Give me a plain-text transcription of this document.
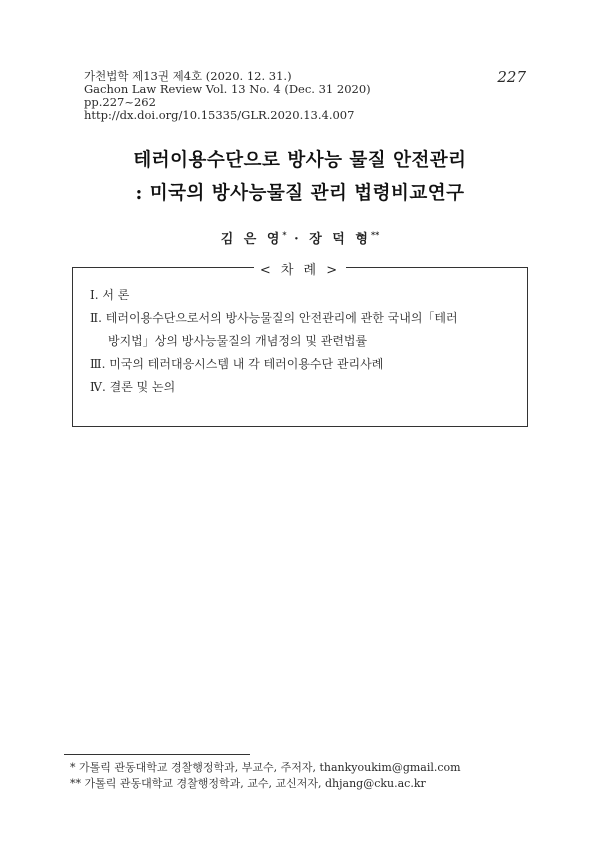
가천법학 제13권 제4호 (2020. 12. 31.)
Gachon Law Review Vol. 13 No. 4 (Dec. 31 2020)
pp.227~262
http://dx.doi.org/10.15335/GLR.2020.13.4.007
227
테러이용수단으로 방사능 물질 안전관리
: 미국의 방사능물질 관리 법령비교연구
김 은 영* · 장 덕 형**
< 차 례 >
Ⅰ. 서 론
Ⅱ. 테러이용수단으로서의 방사능물질의 안전관리에 관한 국내의「테러
방지법」상의 방사능물질의 개념정의 및 관련법률
Ⅲ. 미국의 테러대응시스템 내 각 테러이용수단 관리사례
Ⅳ. 결론 및 논의
* 가톨릭 관동대학교 경찰행정학과, 부교수, 주저자, thankyoukim@gmail.com
** 가톨릭 관동대학교 경찰행정학과, 교수, 교신저자, dhjang@cku.ac.kr
